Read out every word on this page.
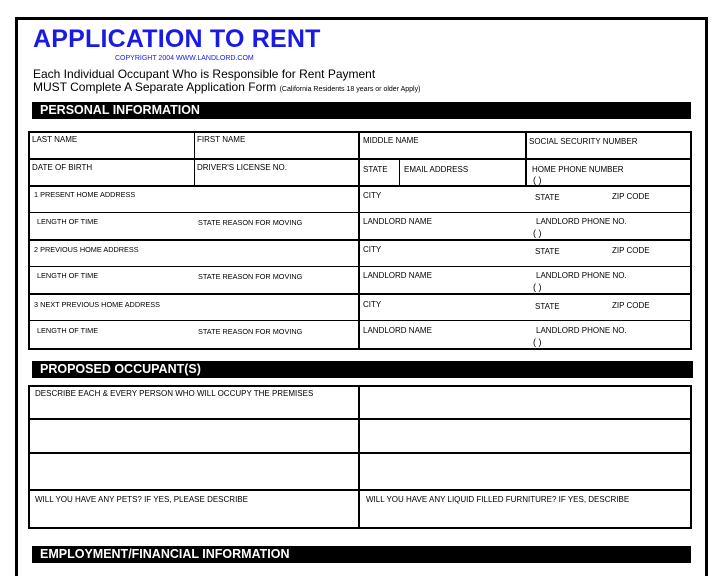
APPLICATION TO RENT
COPYRIGHT 2004 WWW.LANDLORD.COM
Each Individual Occupant Who is Responsible for Rent Payment
MUST Complete A Separate Application Form (California Residents 18 years or older Apply)
PERSONAL INFORMATION
LAST NAME	FIRST NAME	MIDDLE NAME	SOCIAL SECURITY NUMBER
DATE OF BIRTH	DRIVER'S LICENSE NO.	STATE EMAIL ADDRESS	HOME PHONE NUMBER
( )
1 PRESENT HOME ADDRESS	CITY	STATE	ZIP CODE
LENGTH OF TIME	STATE REASON FOR MOVING	LANDLORD NAME	LANDLORD PHONE NO.
( )
2 PREVIOUS HOME ADDRESS	CITY	STATE	ZIP CODE
LENGTH OF TIME	STATE REASON FOR MOVING	LANDLORD NAME	LANDLORD PHONE NO.
( )
3 NEXT PREVIOUS HOME ADDRESS	CITY	STATE	ZIP CODE
LENGTH OF TIME	STATE REASON FOR MOVING	LANDLORD NAME	LANDLORD PHONE NO.
( )
PROPOSED OCCUPANT(S)
DESCRIBE EACH & EVERY PERSON WHO WILL OCCUPY THE PREMISES
WILL YOU HAVE ANY PETS? IF YES, PLEASE DESCRIBE	WILL YOU HAVE ANY LIQUID FILLED FURNITURE? IF YES, DESCRIBE
EMPLOYMENT/FINANCIAL INFORMATION
